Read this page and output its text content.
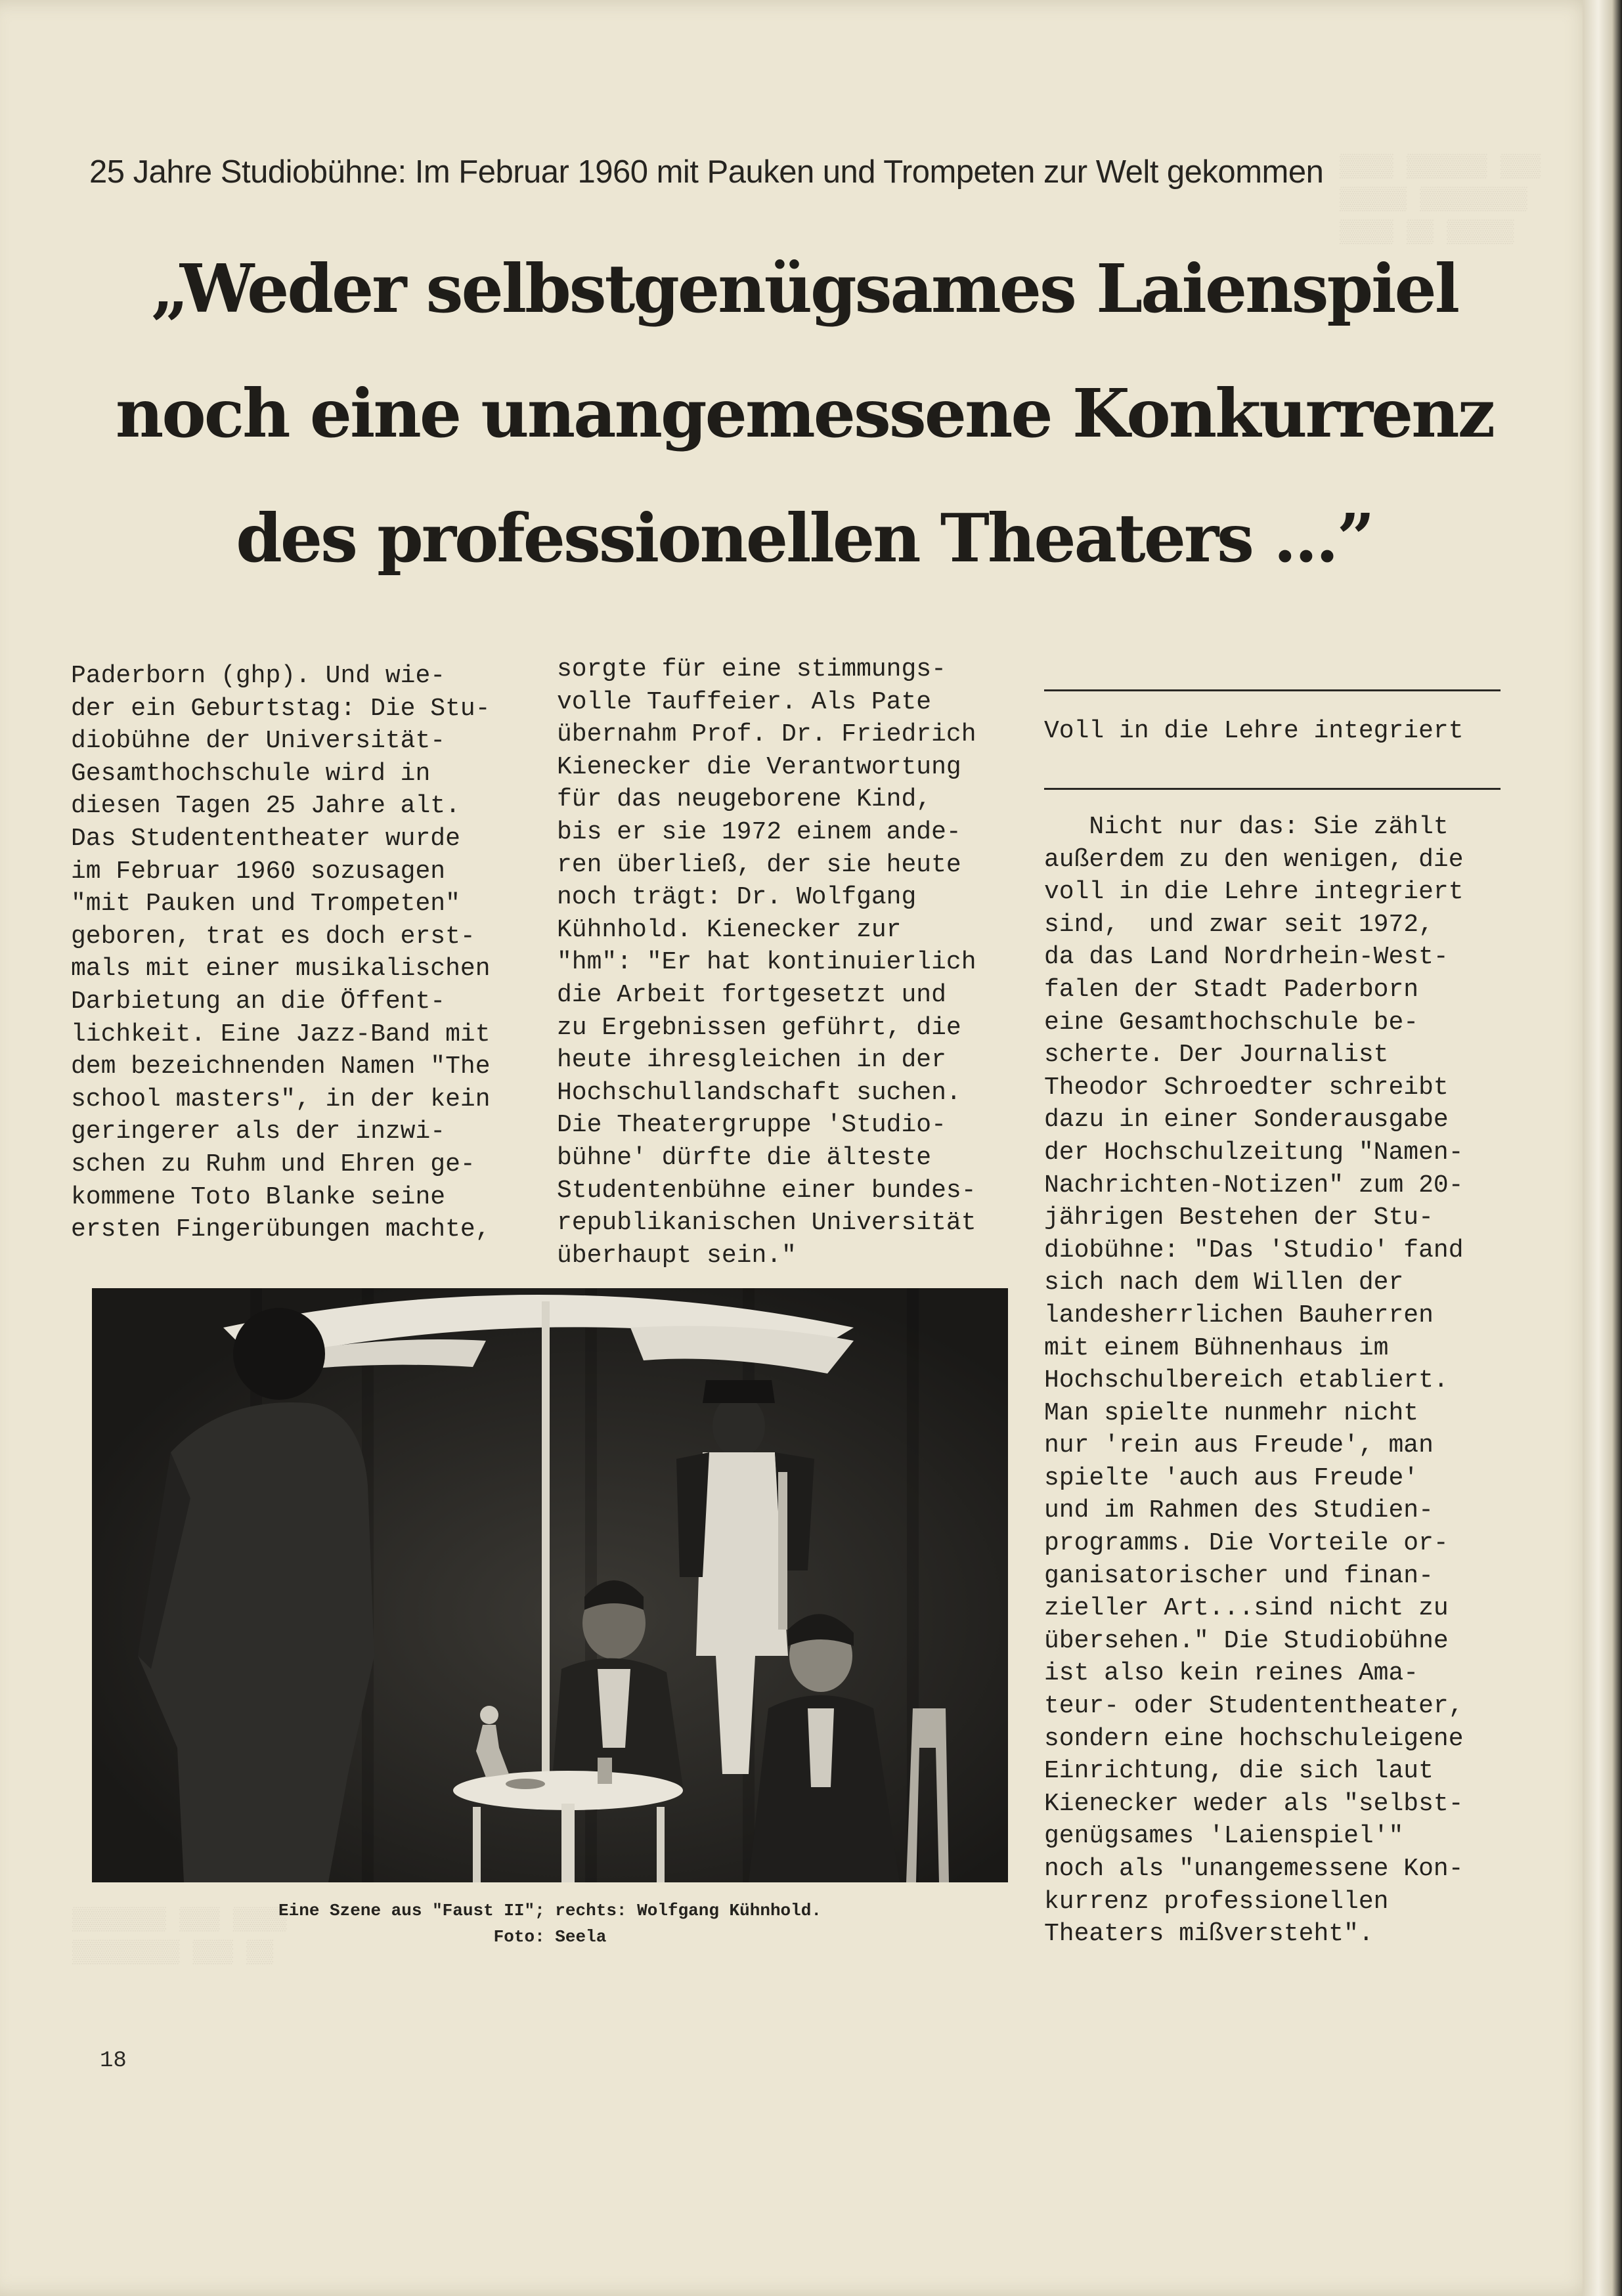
▒▒▒▒ ▒▒▒▒▒▒ ▒▒▒
▒▒▒▒▒ ▒▒▒▒▒▒▒▒
▒▒▒▒ ▒▒ ▒▒▒▒▒
▒▒▒▒▒▒▒ ▒▒▒ ▒▒▒▒
▒▒▒▒▒▒▒▒ ▒▒▒ ▒▒
25 Jahre Studiobühne: Im Februar 1960 mit Pauken und Trompeten zur Welt gekommen
„Weder selbstgenügsames Laienspiel
noch eine unangemessene Konkurrenz
des professionellen Theaters ...”
Paderborn (ghp). Und wie-
der ein Geburtstag: Die Stu-
diobühne der Universität-
Gesamthochschule wird in
diesen Tagen 25 Jahre alt.
Das Studententheater wurde
im Februar 1960 sozusagen
"mit Pauken und Trompeten"
geboren, trat es doch erst-
mals mit einer musikalischen
Darbietung an die Öffent-
lichkeit. Eine Jazz-Band mit
dem bezeichnenden Namen "The
school masters", in der kein
geringerer als der inzwi-
schen zu Ruhm und Ehren ge-
kommene Toto Blanke seine
ersten Fingerübungen machte,
sorgte für eine stimmungs-
volle Tauffeier. Als Pate
übernahm Prof. Dr. Friedrich
Kienecker die Verantwortung
für das neugeborene Kind,
bis er sie 1972 einem ande-
ren überließ, der sie heute
noch trägt: Dr. Wolfgang
Kühnhold. Kienecker zur
"hm": "Er hat kontinuierlich
die Arbeit fortgesetzt und
zu Ergebnissen geführt, die
heute ihresgleichen in der
Hochschullandschaft suchen.
Die Theatergruppe 'Studio-
bühne' dürfte die älteste
Studentenbühne einer bundes-
republikanischen Universität
überhaupt sein."
Voll in die Lehre integriert
Nicht nur das: Sie zählt
außerdem zu den wenigen, die
voll in die Lehre integriert
sind,  und zwar seit 1972,
da das Land Nordrhein-West-
falen der Stadt Paderborn
eine Gesamthochschule be-
scherte. Der Journalist
Theodor Schroedter schreibt
dazu in einer Sonderausgabe
der Hochschulzeitung "Namen-
Nachrichten-Notizen" zum 20-
jährigen Bestehen der Stu-
diobühne: "Das 'Studio' fand
sich nach dem Willen der
landesherrlichen Bauherren
mit einem Bühnenhaus im
Hochschulbereich etabliert.
Man spielte nunmehr nicht
nur 'rein aus Freude', man
spielte 'auch aus Freude'
und im Rahmen des Studien-
programms. Die Vorteile or-
ganisatorischer und finan-
zieller Art...sind nicht zu
übersehen." Die Studiobühne
ist also kein reines Ama-
teur- oder Studententheater,
sondern eine hochschuleigene
Einrichtung, die sich laut
Kienecker weder als "selbst-
genügsames 'Laienspiel'"
noch als "unangemessene Kon-
kurrenz professionellen
Theaters mißversteht".
Eine Szene aus "Faust II"; rechts: Wolfgang Kühnhold.
Foto: Seela
18
